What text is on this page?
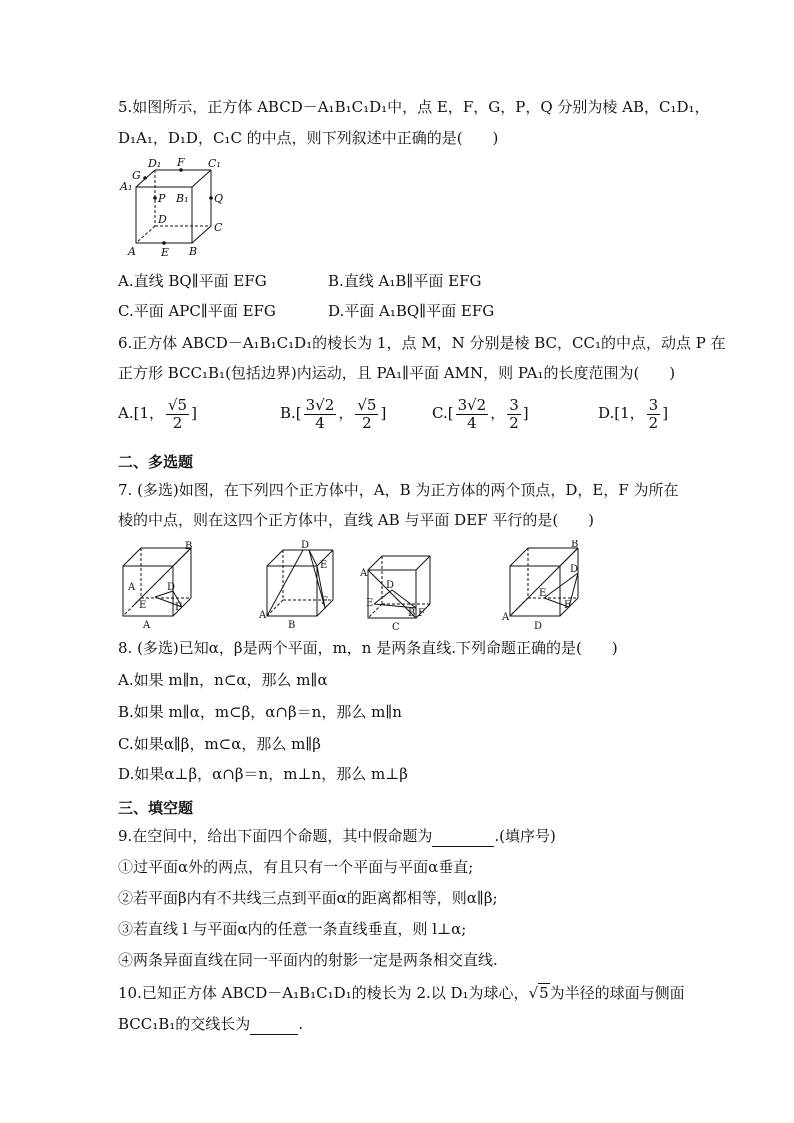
5.如图所示，正方体 ABCD－A₁B₁C₁D₁中，点 E，F，G，P，Q 分别为棱 AB，C₁D₁，
D₁A₁，D₁D，C₁C 的中点，则下列叙述中正确的是(　　)
D₁ F C₁
A₁
G
P B₁ Q
D
C
A E B
A.直线 BQ∥平面 EFG	B.直线 A₁B∥平面 EFG
C.平面 APC∥平面 EFG	D.平面 A₁BQ∥平面 EFG
6.正方体 ABCD－A₁B₁C₁D₁的棱长为 1，点 M，N 分别是棱 BC，CC₁的中点，动点 P 在
正方形 BCC₁B₁(包括边界)内运动，且 PA₁∥平面 AMN，则 PA₁的长度范围为(　　)
A.[1， $\frac{√5}{2}$ ]	$B.[ \frac{3√2}{4}$ ， $\frac{√5}{2}$ ]	$C.[ \frac{3√2}{4}$ ， $\frac{3}{2}$ ]	D.[1， $\frac{3}{2}$ ]
二、多选题
7. (多选)如图，在下列四个正方体中，A，B 为正方体的两个顶点，D，E，F 为所在
棱的中点，则在这四个正方体中，直线 AB 与平面 DEF 平行的是(　　)
B
A	D
E	F
A
D
E
F
A
B
A
D
E
B F
C
B
D
E
F
A
D
8. (多选)已知α，β是两个平面，m，n 是两条直线.下列命题正确的是(　　)
A.如果 m∥n，n⊂α，那么 m∥α
B.如果 m∥α，m⊂β，α∩β＝n，那么 m∥n
C.如果α∥β，m⊂α，那么 m∥β
D.如果α⊥β，α∩β＝n，m⊥n，那么 m⊥β
三、填空题
9.在空间中，给出下面四个命题，其中假命题为	.(填序号)
①过平面α外的两点，有且只有一个平面与平面α垂直;
②若平面β内有不共线三点到平面α的距离都相等，则α∥β;
③若直线 l 与平面α内的任意一条直线垂直，则 l⊥α;
④两条异面直线在同一平面内的射影一定是两条相交直线.
10.已知正方体 ABCD－A₁B₁C₁D₁的棱长为 2.以 D₁为球心，√5为半径的球面与侧面
BCC₁B₁的交线长为	.
